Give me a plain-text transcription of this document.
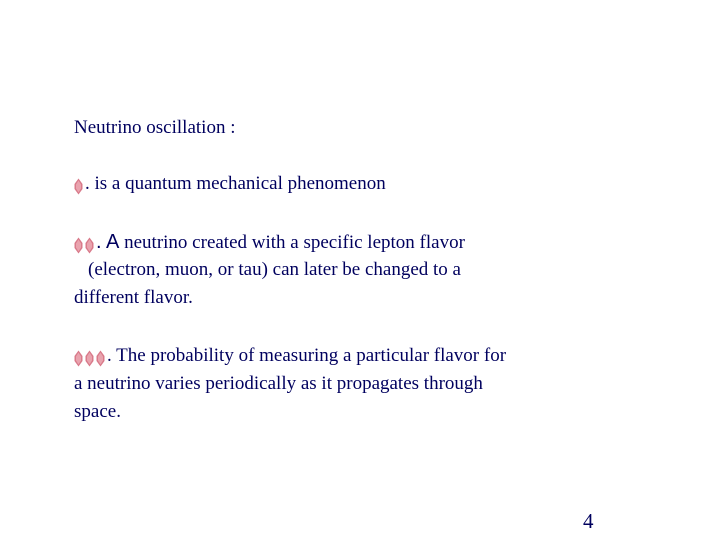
Neutrino oscillation :
. is a quantum mechanical phenomenon
. A neutrino created with a specific lepton flavor
(electron, muon, or tau) can later be changed to a
different flavor.
. The probability of measuring a particular flavor for
a neutrino varies periodically as it propagates through
space.
4
